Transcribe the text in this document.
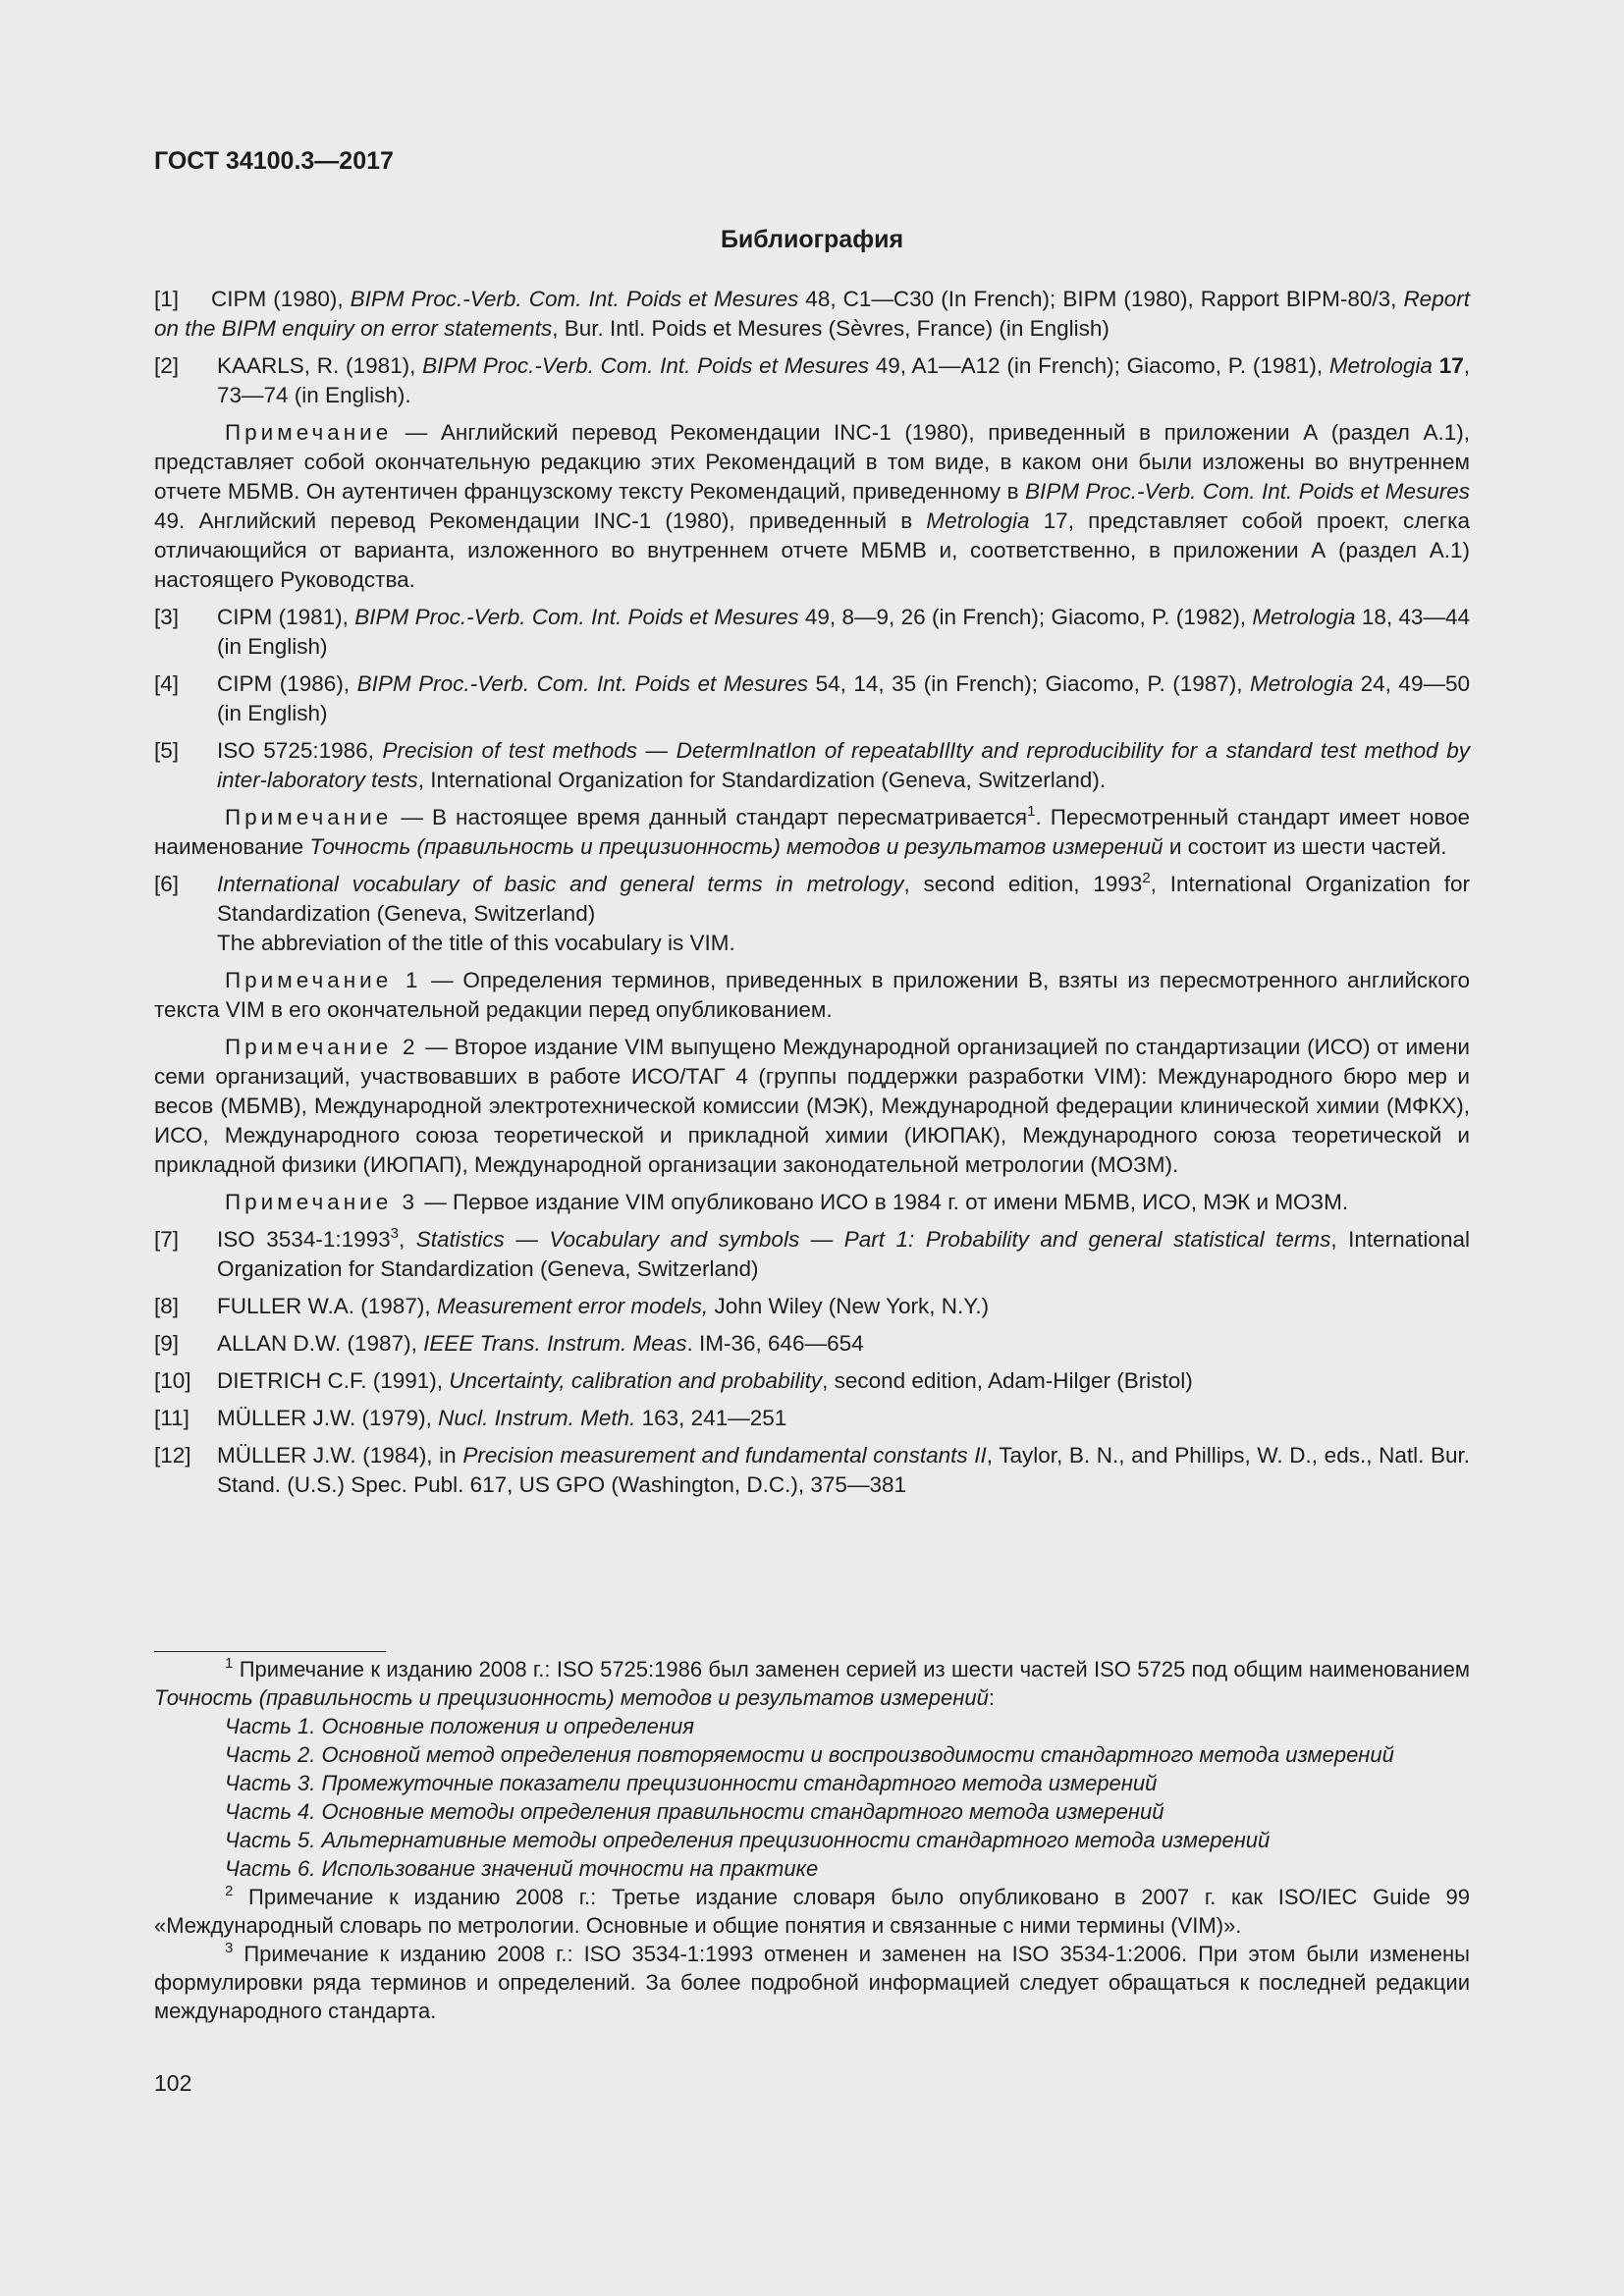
ГОСТ 34100.3—2017
Библиография
[1] CIPM (1980), BIPM Proc.-Verb. Com. Int. Poids et Mesures 48, C1—C30 (In French); BIPM (1980), Rapport BIPM-80/3, Report on the BIPM enquiry on error statements, Bur. Intl. Poids et Mesures (Sèvres, France) (in English)
[2]	KAARLS, R. (1981), BIPM Proc.-Verb. Com. Int. Poids et Mesures 49, A1—A12 (in French); Giacomo, P. (1981), Metrologia 17, 73—74 (in English).

Примечание — Английский перевод Рекомендации INC-1 (1980), приведенный в приложении А (раздел А.1), представляет собой окончательную редакцию этих Рекомендаций в том виде, в каком они были изложены во внутреннем отчете МБМВ. Он аутентичен французскому тексту Рекомендаций, приведенному в BIPM Proc.-Verb. Com. Int. Poids et Mesures 49. Английский перевод Рекомендации INC-1 (1980), приведенный в Metrologia 17, представляет собой проект, слегка отличающийся от варианта, изложенного во внутреннем отчете МБМВ и, соответственно, в приложении А (раздел А.1) настоящего Руководства.

[3]	CIPM (1981), BIPM Proc.-Verb. Com. Int. Poids et Mesures 49, 8—9, 26 (in French); Giacomo, P. (1982), Metrologia 18, 43—44 (in English)
[4]	CIPM (1986), BIPM Proc.-Verb. Com. Int. Poids et Mesures 54, 14, 35 (in French); Giacomo, P. (1987), Metrologia 24, 49—50 (in English)
[5]	ISO 5725:1986, Precision of test methods — DetermInatIon of repeatabIlIty and reproducibility for a standard test method by inter-laboratory tests, International Organization for Standardization (Geneva, Switzerland).

Примечание — В настоящее время данный стандарт пересматривается$^1$. Пересмотренный стандарт имеет новое наименование Точность (правильность и прецизионность) методов и результатов измерений и состоит из шести частей.

[6]	International vocabulary of basic and general terms in metrology, second edition, 1993$^2$, International Organization for Standardization (Geneva, Switzerland)
The abbreviation of the title of this vocabulary is VIM.

Примечание 1 — Определения терминов, приведенных в приложении В, взяты из пересмотренного английского текста VIM в его окончательной редакции перед опубликованием.

Примечание 2 — Второе издание VIM выпущено Международной организацией по стандартизации (ИСО) от имени семи организаций, участвовавших в работе ИСО/ТАГ 4 (группы поддержки разработки VIM): Международного бюро мер и весов (МБМВ), Международной электротехнической комиссии (МЭК), Международной федерации клинической химии (МФКХ), ИСО, Международного союза теоретической и прикладной химии (ИЮПАК), Международного союза теоретической и прикладной физики (ИЮПАП), Международной организации законодательной метрологии (МОЗМ).

Примечание 3 — Первое издание VIM опубликовано ИСО в 1984 г. от имени МБМВ, ИСО, МЭК и МОЗМ.

[7]	ISO 3534-1:1993$^3$, Statistics — Vocabulary and symbols — Part 1: Probability and general statistical terms, International Organization for Standardization (Geneva, Switzerland)
[8]	FULLER W.A. (1987), Measurement error models, John Wiley (New York, N.Y.)
[9]	ALLAN D.W. (1987), IEEE Trans. Instrum. Meas. IM-36, 646—654
[10]	DIETRICH C.F. (1991), Uncertainty, calibration and probability, second edition, Adam-Hilger (Bristol)
[11]	MÜLLER J.W. (1979), Nucl. Instrum. Meth. 163, 241—251
[12]	MÜLLER J.W. (1984), in Precision measurement and fundamental constants II, Taylor, B. N., and Phillips, W. D., eds., Natl. Bur. Stand. (U.S.) Spec. Publ. 617, US GPO (Washington, D.C.), 375—381

$^1$ Примечание к изданию 2008 г.: ISO 5725:1986 был заменен серией из шести частей ISO 5725 под общим наименованием Точность (правильность и прецизионность) методов и результатов измерений:

Часть 1. Основные положения и определения

Часть 2. Основной метод определения повторяемости и воспроизводимости стандартного метода измерений

Часть 3. Промежуточные показатели прецизионности стандартного метода измерений

Часть 4. Основные методы определения правильности стандартного метода измерений

Часть 5. Альтернативные методы определения прецизионности стандартного метода измерений

Часть 6. Использование значений точности на практике

$^2$ Примечание к изданию 2008 г.: Третье издание словаря было опубликовано в 2007 г. как ISO/IEC Guide 99 «Международный словарь по метрологии. Основные и общие понятия и связанные с ними термины (VIM)».

$^3$ Примечание к изданию 2008 г.: ISO 3534-1:1993 отменен и заменен на ISO 3534-1:2006. При этом были изменены формулировки ряда терминов и определений. За более подробной информацией следует обращаться к последней редакции международного стандарта.

102
